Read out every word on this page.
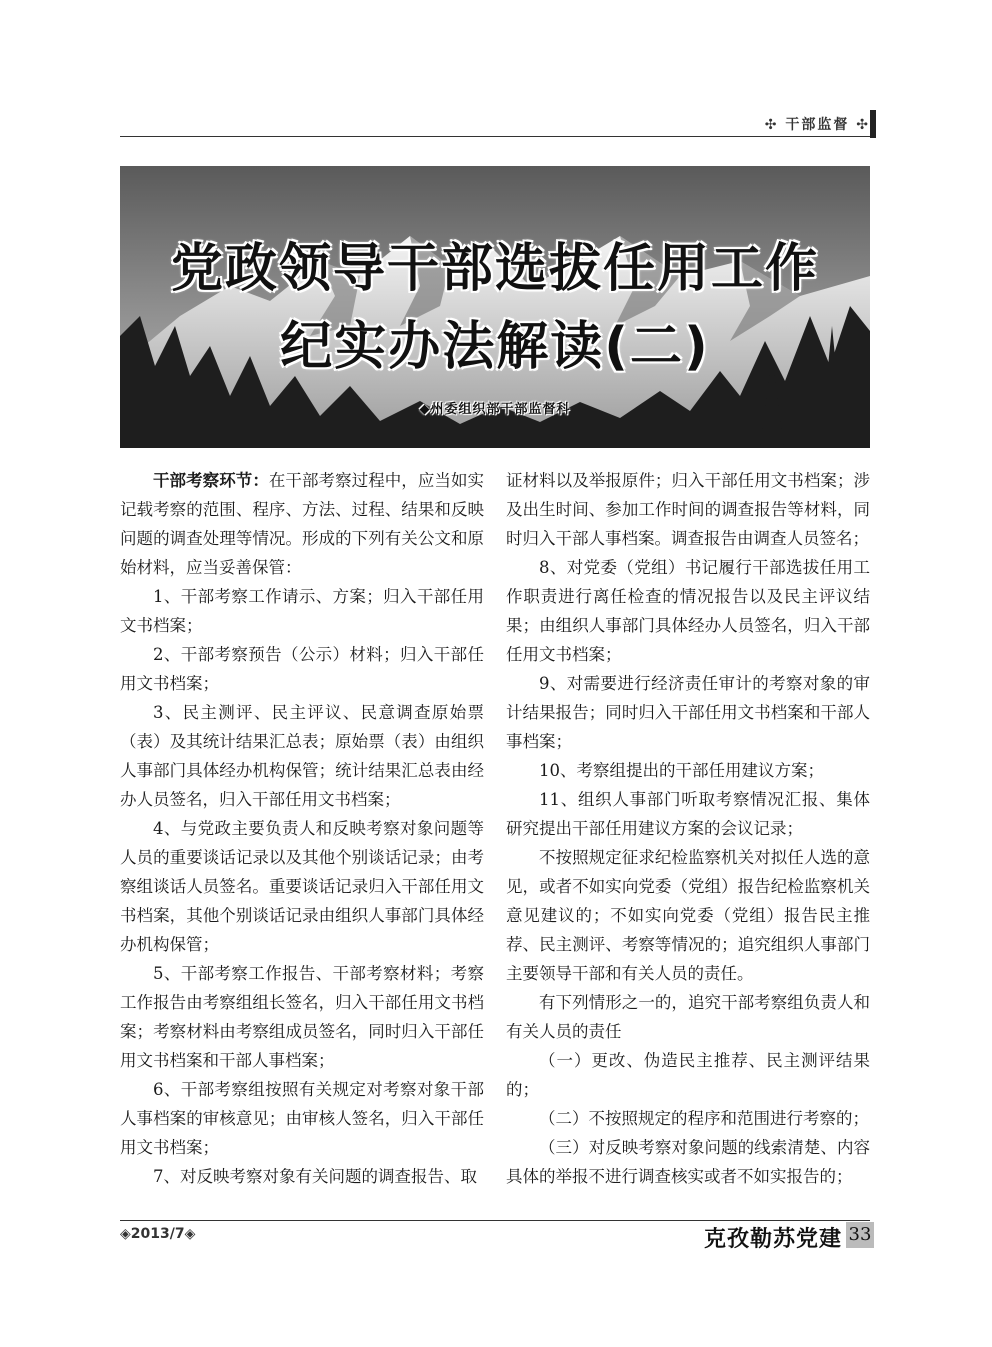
✣ 干部监督 ✣
党政领导干部选拔任用工作
纪实办法解读(二)
◆州委组织部干部监督科

干部考察环节：在干部考察过程中，应当如实记载考察的范围、程序、方法、过程、结果和反映问题的调查处理等情况。形成的下列有关公文和原始材料，应当妥善保管：

1、干部考察工作请示、方案；归入干部任用文书档案；

2、干部考察预告（公示）材料；归入干部任用文书档案；

3、民主测评、民主评议、民意调查原始票（表）及其统计结果汇总表；原始票（表）由组织人事部门具体经办机构保管；统计结果汇总表由经办人员签名，归入干部任用文书档案；

4、与党政主要负责人和反映考察对象问题等人员的重要谈话记录以及其他个别谈话记录；由考察组谈话人员签名。重要谈话记录归入干部任用文书档案，其他个别谈话记录由组织人事部门具体经办机构保管；

5、干部考察工作报告、干部考察材料；考察工作报告由考察组组长签名，归入干部任用文书档案；考察材料由考察组成员签名，同时归入干部任用文书档案和干部人事档案；

6、干部考察组按照有关规定对考察对象干部人事档案的审核意见；由审核人签名，归入干部任用文书档案；

7、对反映考察对象有关问题的调查报告、取

证材料以及举报原件；归入干部任用文书档案；涉及出生时间、参加工作时间的调查报告等材料，同时归入干部人事档案。调查报告由调查人员签名；

8、对党委（党组）书记履行干部选拔任用工作职责进行离任检查的情况报告以及民主评议结果；由组织人事部门具体经办人员签名，归入干部任用文书档案；

9、对需要进行经济责任审计的考察对象的审计结果报告；同时归入干部任用文书档案和干部人事档案；

10、考察组提出的干部任用建议方案；

11、组织人事部门听取考察情况汇报、集体研究提出干部任用建议方案的会议记录；

不按照规定征求纪检监察机关对拟任人选的意见，或者不如实向党委（党组）报告纪检监察机关意见建议的；不如实向党委（党组）报告民主推荐、民主测评、考察等情况的；追究组织人事部门主要领导干部和有关人员的责任。

有下列情形之一的，追究干部考察组负责人和有关人员的责任

（一）更改、伪造民主推荐、民主测评结果的；

（二）不按照规定的程序和范围进行考察的；

（三）对反映考察对象问题的线索清楚、内容具体的举报不进行调查核实或者不如实报告的；

◈2013/7◈	克孜勒苏党建 33
